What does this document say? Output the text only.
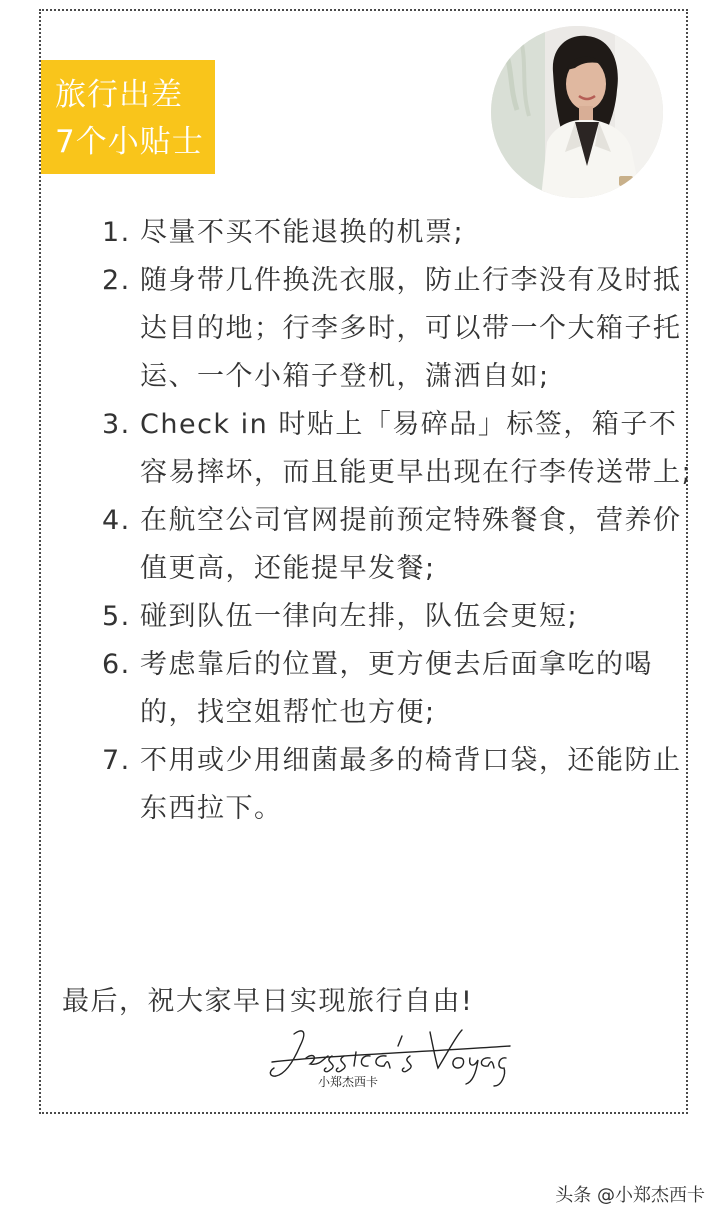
旅行出差
7个小贴士
1. 尽量不买不能退换的机票;
2. 随身带几件换洗衣服，防止行李没有及时抵达目的地；行李多时，可以带一个大箱子托运、一个小箱子登机，潇洒自如;
3. Check in 时贴上「易碎品」标签，箱子不容易摔坏，而且能更早出现在行李传送带上;
4. 在航空公司官网提前预定特殊餐食，营养价值更高，还能提早发餐;
5. 碰到队伍一律向左排，队伍会更短;
6. 考虑靠后的位置，更方便去后面拿吃的喝的，找空姐帮忙也方便;
7. 不用或少用细菌最多的椅背口袋，还能防止东西拉下。
最后，祝大家早日实现旅行自由!
小郑杰西卡
头条 @小郑杰西卡
